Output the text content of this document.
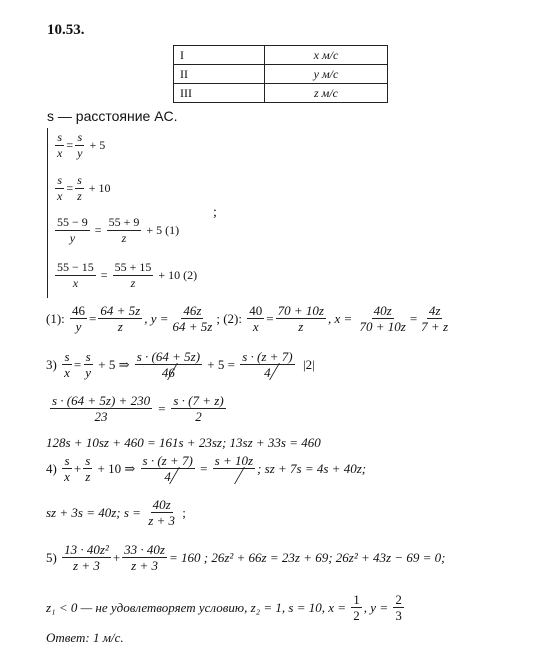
10.53.
I	x м/с
II	y м/с
III	z м/с
s — расстояние AC.
$\frac{s}{x} = \frac{s}{y}$
+ 5
$\frac{s}{x} = \frac{s}{z}$
+ 10
$\frac{55 - 9}{y} = \frac{55 + 9}{z}$
+ 5 (1)
;
$\frac{55 - 15}{x} = \frac{55 + 15}{z}$
+ 10 (2)
(1):
$\frac{46}{y} = \frac{64 + 5z}{z}$ , $y = \frac{46z}{64 + 5z}$ ; (2):
$\frac{40}{x} = \frac{70 + 10z}{z}$ , x =
$\frac{40z}{70 + 10z} = \frac{4z}{7 + z}$
3)
$\frac{s}{x} = \frac{s}{y}$
+ 5 ⇒
$\frac{s \cdot (64 + 5z)}{46}$
+ 5 =
$\frac{s \cdot (z + 7)}{4}$
|2|
$\frac{s \cdot (64 + 5z) + 230}{23}$
=
$\frac{s \cdot (7 + z)}{2}$
128s + 10sz + 460 = 161s + 23sz; 13sz + 33s = 460
4)
$\frac{s}{x} + \frac{s}{z}$
+ 10 ⇒
$\frac{s \cdot (z + 7)}{4}$
=
s + 10z ; sz + 7s = 4s + 40z;
sz + 3s = 40z; s =
$\frac{40z}{z + 3}$
;
5)
$\frac{\text{13 · 40z²}}{z + 3} + \frac{33 \cdot 40z}{z + 3} = 160$ ; 26z² + 66z = 23z + 69; 26z² + 43z − 69 = 0;
z₁ < 0 — не удовлетворяет условию, z₂ = 1, s = 10, x =
$\frac{1}{2}$ , y =
$\frac{2}{3}$
Ответ: 1 м/с.
